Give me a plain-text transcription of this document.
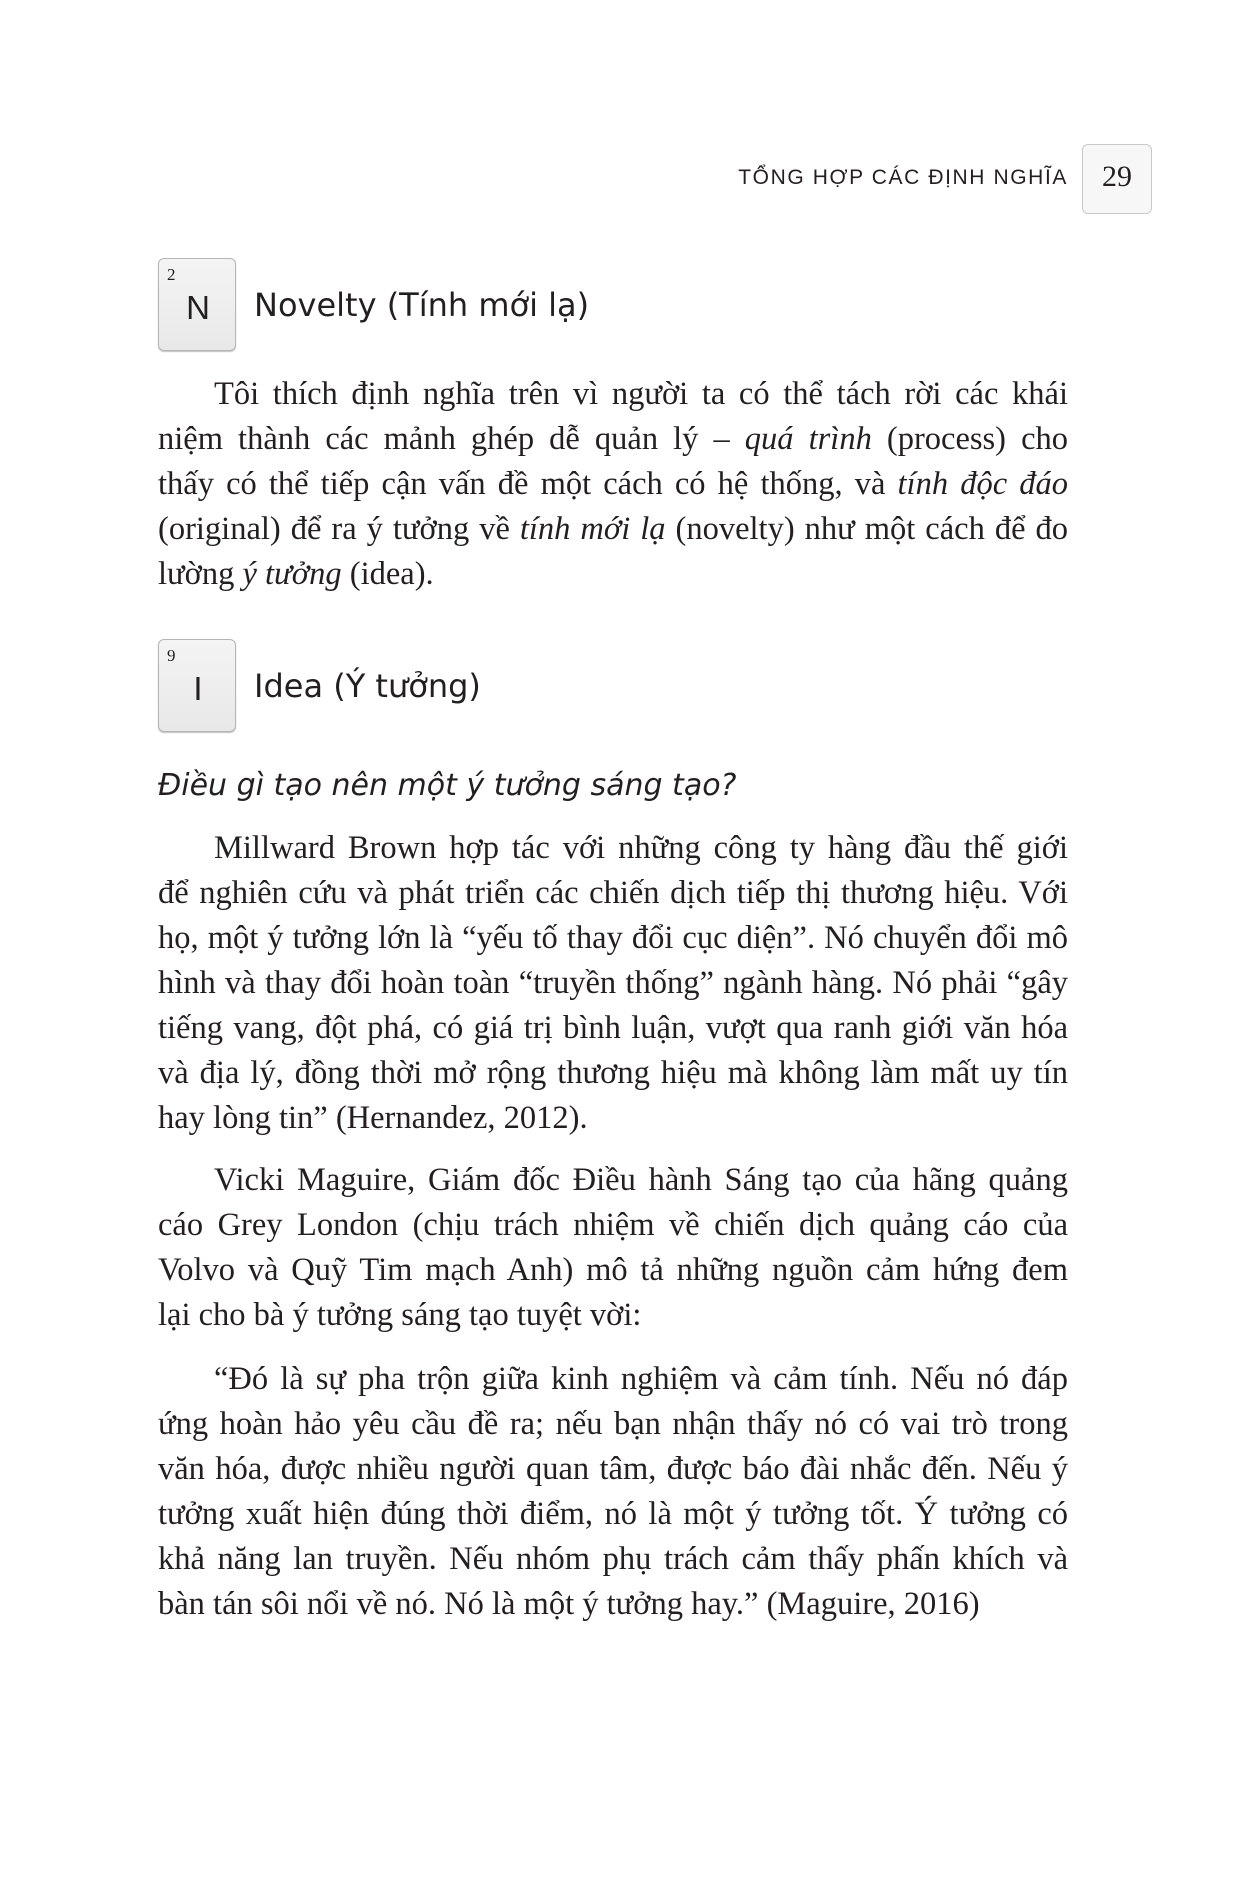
TỔNG HỢP CÁC ĐỊNH NGHĨA	29
2
N	Novelty (Tính mới lạ)
Tôi thích định nghĩa trên vì người ta có thể tách rời các khái
niệm thành các mảnh ghép dễ quản lý – quá trình (process) cho
thấy có thể tiếp cận vấn đề một cách có hệ thống, và tính độc đáo
(original) để ra ý tưởng về tính mới lạ (novelty) như một cách để đo
lường ý tưởng (idea).
9
I	Idea (Ý tưởng)
Điều gì tạo nên một ý tưởng sáng tạo?
Millward Brown hợp tác với những công ty hàng đầu thế giới
để nghiên cứu và phát triển các chiến dịch tiếp thị thương hiệu. Với
họ, một ý tưởng lớn là “yếu tố thay đổi cục diện”. Nó chuyển đổi mô
hình và thay đổi hoàn toàn “truyền thống” ngành hàng. Nó phải “gây
tiếng vang, đột phá, có giá trị bình luận, vượt qua ranh giới văn hóa
và địa lý, đồng thời mở rộng thương hiệu mà không làm mất uy tín
hay lòng tin” (Hernandez, 2012).
Vicki Maguire, Giám đốc Điều hành Sáng tạo của hãng quảng
cáo Grey London (chịu trách nhiệm về chiến dịch quảng cáo của
Volvo và Quỹ Tim mạch Anh) mô tả những nguồn cảm hứng đem
lại cho bà ý tưởng sáng tạo tuyệt vời:
“Đó là sự pha trộn giữa kinh nghiệm và cảm tính. Nếu nó đáp
ứng hoàn hảo yêu cầu đề ra; nếu bạn nhận thấy nó có vai trò trong
văn hóa, được nhiều người quan tâm, được báo đài nhắc đến. Nếu ý
tưởng xuất hiện đúng thời điểm, nó là một ý tưởng tốt. Ý tưởng có
khả năng lan truyền. Nếu nhóm phụ trách cảm thấy phấn khích và
bàn tán sôi nổi về nó. Nó là một ý tưởng hay.” (Maguire, 2016)
